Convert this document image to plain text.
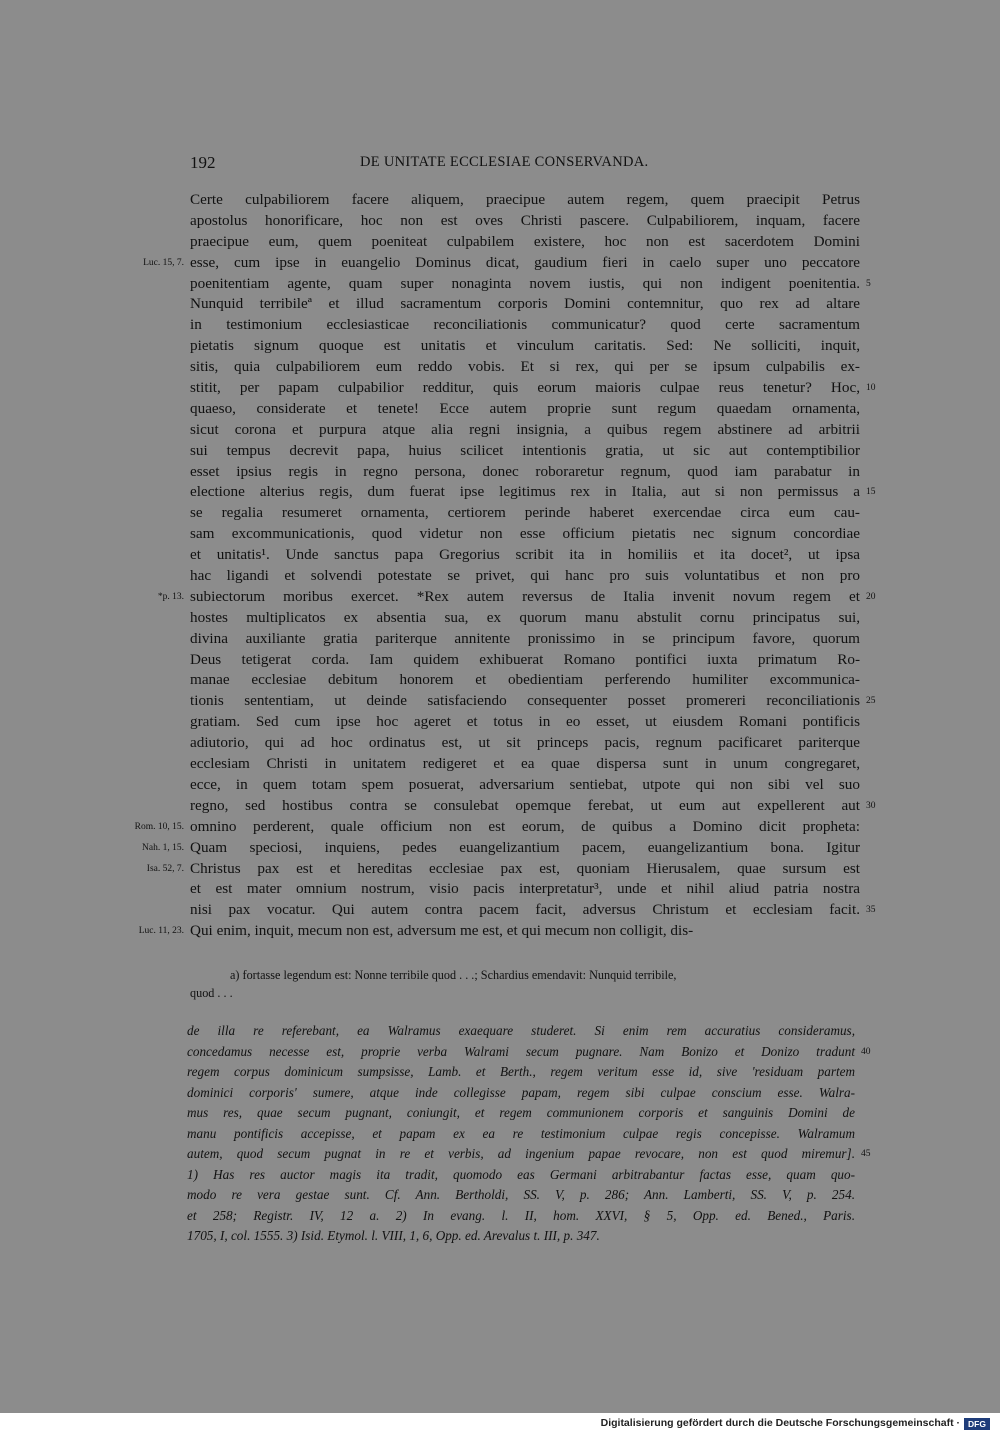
192	DE UNITATE ECCLESIAE CONSERVANDA.
Certe culpabiliorem facere aliquem, praecipue autem regem, quem praecipit Petrus
apostolus honorificare, hoc non est oves Christi pascere. Culpabiliorem, inquam, facere
praecipue eum, quem poeniteat culpabilem existere, hoc non est sacerdotem Domini
esse, cum ipse in euangelio Dominus dicat, gaudium fieri in caelo super uno peccatore
Luc. 15, 7.
poenitentiam agente, quam super nonaginta novem iustis, qui non indigent poenitentia. 5
Nunquid terribileª et illud sacramentum corporis Domini contemnitur, quo rex ad altare
in testimonium ecclesiasticae reconciliationis communicatur? quod certe sacramentum
pietatis signum quoque est unitatis et vinculum caritatis. Sed: Ne solliciti, inquit,
sitis, quia culpabiliorem eum reddo vobis. Et si rex, qui per se ipsum culpabilis ex-
stitit, per papam culpabilior redditur, quis eorum maioris culpae reus tenetur? Hoc, 10
quaeso, considerate et tenete! Ecce autem proprie sunt regum quaedam ornamenta,
sicut corona et purpura atque alia regni insignia, a quibus regem abstinere ad arbitrii
sui tempus decrevit papa, huius scilicet intentionis gratia, ut sic aut contemptibilior
esset ipsius regis in regno persona, donec roboraretur regnum, quod iam parabatur in
electione alterius regis, dum fuerat ipse legitimus rex in Italia, aut si non permissus a 15
se regalia resumeret ornamenta, certiorem perinde haberet exercendae circa eum cau-
sam excommunicationis, quod videtur non esse officium pietatis nec signum concordiae
et unitatis¹. Unde sanctus papa Gregorius scribit ita in homiliis et ita docet², ut ipsa
hac ligandi et solvendi potestate se privet, qui hanc pro suis voluntatibus et non pro
subiectorum moribus exercet. *Rex autem reversus de Italia invenit novum regem et
*p. 13.	20
hostes multiplicatos ex absentia sua, ex quorum manu abstulit cornu principatus sui,
divina auxiliante gratia pariterque annitente pronissimo in se principum favore, quorum
Deus tetigerat corda. Iam quidem exhibuerat Romano pontifici iuxta primatum Ro-
manae ecclesiae debitum honorem et obedientiam perferendo humiliter excommunica-
tionis sententiam, ut deinde satisfaciendo consequenter posset promereri reconciliationis 25
gratiam. Sed cum ipse hoc ageret et totus in eo esset, ut eiusdem Romani pontificis
adiutorio, qui ad hoc ordinatus est, ut sit princeps pacis, regnum pacificaret pariterque
ecclesiam Christi in unitatem redigeret et ea quae dispersa sunt in unum congregaret,
ecce, in quem totam spem posuerat, adversarium sentiebat, utpote qui non sibi vel suo
regno, sed hostibus contra se consulebat opemque ferebat, ut eum aut expellerent aut 30
omnino perderent, quale officium non est eorum, de quibus a Domino dicit propheta:
Rom. 10, 15.
Quam speciosi, inquiens, pedes euangelizantium pacem, euangelizantium bona. Igitur
Nah. 1, 15.
Christus pax est et hereditas ecclesiae pax est, quoniam Hierusalem, quae sursum est
Isa. 52, 7.
et est mater omnium nostrum, visio pacis interpretatur³, unde et nihil aliud patria nostra
nisi pax vocatur. Qui autem contra pacem facit, adversus Christum et ecclesiam facit. 35
Qui enim, inquit, mecum non est, adversum me est, et qui mecum non colligit, dis-
Luc. 11, 23.
a) fortasse legendum est: Nonne terribile quod . . .; Schardius emendavit: Nunquid terribile,
quod . . .
de illa re referebant, ea Walramus exaequare studeret. Si enim rem accuratius consideramus,
concedamus necesse est, proprie verba Walrami secum pugnare. Nam Bonizo et Donizo tradunt 40
regem corpus dominicum sumpsisse, Lamb. et Berth., regem veritum esse id, sive 'residuam partem
dominici corporis' sumere, atque inde collegisse papam, regem sibi culpae conscium esse. Walra-
mus res, quae secum pugnant, coniungit, et regem communionem corporis et sanguinis Domini de
manu pontificis accepisse, et papam ex ea re testimonium culpae regis concepisse. Walramum
autem, quod secum pugnat in re et verbis, ad ingenium papae revocare, non est quod miremur]. 45
1) Has res auctor magis ita tradit, quomodo eas Germani arbitrabantur factas esse, quam quo-
modo re vera gestae sunt. Cf. Ann. Bertholdi, SS. V, p. 286; Ann. Lamberti, SS. V, p. 254.
et 258; Registr. IV, 12 a. 2) In evang. l. II, hom. XXVI, § 5, Opp. ed. Bened., Paris.
1705, I, col. 1555. 3) Isid. Etymol. l. VIII, 1, 6, Opp. ed. Arevalus t. III, p. 347.
Digitalisierung gefördert durch die Deutsche Forschungsgemeinschaft · DFG
